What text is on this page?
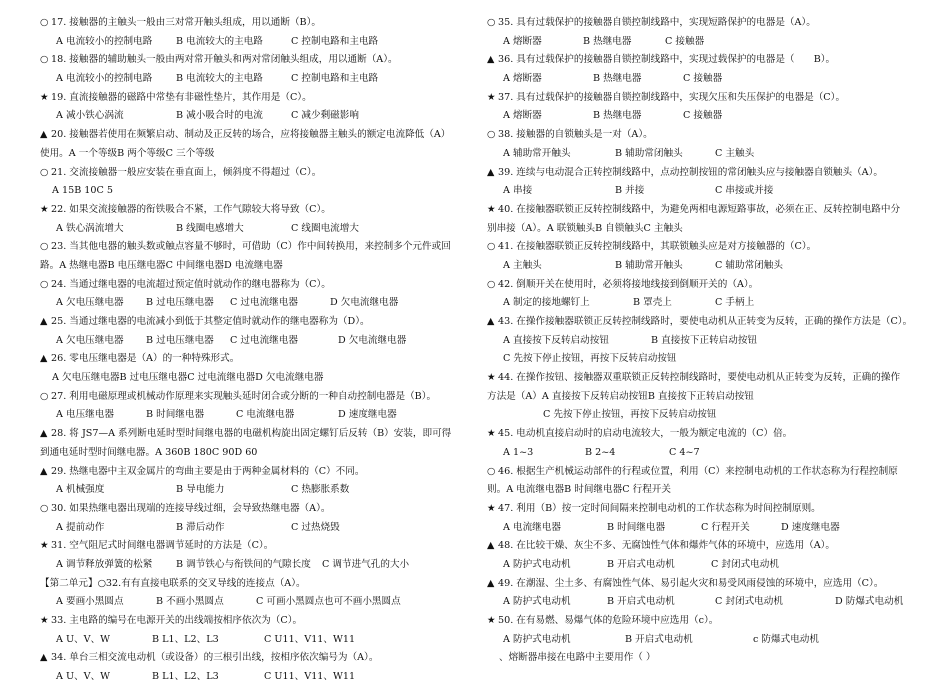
○ 17. 接触器的主触头一般由三对常开触头组成，用以通断（B）。
A 电流较小的控制电路 B 电流较大的主电路	C 控制电路和主电路
○ 18. 接触器的辅助触头一般由两对常开触头和两对常闭触头组成，用以通断（A）。
A 电流较小的控制电路 B 电流较大的主电路	C 控制电路和主电路
★ 19. 直流接触器的磁路中常垫有非磁性垫片，其作用是（C）。
A 减小铁心涡流	B 减小吸合时的电流	C 减少剩磁影响
▲ 20. 接触器若使用在频繁启动、制动及正反转的场合，应将接触器主触头的额定电流降低（A）
使用。A 一个等级B 两个等级C 三个等级
○ 21. 交流接触器一般应安装在垂直面上，倾斜度不得超过（C）。
A 15B 10C 5
★ 22. 如果交流接触器的衔铁吸合不紧，工作气隙较大将导致（C）。
A 铁心涡流增大	B 线圈电感增大	C 线圈电流增大
○ 23. 当其他电器的触头数或触点容量不够时，可借助（C）作中间转换用，来控制多个元件或回
路。A 热继电器B 电压继电器C 中间继电器D 电流继电器
○ 24. 当通过继电器的电流超过预定值时就动作的继电器称为（C）。
A 欠电压继电器 B 过电压继电器 C 过电流继电器	D 欠电流继电器
▲ 25. 当通过继电器的电流减小到低于其整定值时就动作的继电器称为（D）。
A 欠电压继电器 B 过电压继电器 C 过电流继电器	D 欠电流继电器
▲ 26. 零电压继电器是（A）的一种特殊形式。
A 欠电压继电器B 过电压继电器C 过电流继电器D 欠电流继电器
○ 27. 利用电磁原理或机械动作原理来实现触头延时闭合或分断的一种自动控制电器是（B）。
A 电压继电器	B 时间继电器	C 电流继电器	D 速度继电器
▲ 28. 将 JS7—A 系列断电延时型时间继电器的电磁机构旋出固定螺钉后反转（B）安装，即可得
到通电延时型时间继电器。A 360B 180C 90D 60
▲ 29. 热继电器中主双金属片的弯曲主要是由于两种金属材料的（C）不同。
A 机械强度	B 导电能力	C 热膨胀系数
○ 30. 如果热继电器出现端的连接导线过细，会导致热继电器（A）。
A 提前动作	B 滞后动作	C 过热烧毁
★ 31. 空气阻尼式时间继电器调节延时的方法是（C）。
A 调节释放弹簧的松紧 B 调节铁心与衔铁间的气隙长度 C 调节进气孔的大小
【第二单元】○32.有有直接电联系的交叉导线的连接点（A）。
A 要画小黑圆点	B 不画小黑圆点	C 可画小黑圆点也可不画小黑圆点
★ 33. 主电路的编号在电源开关的出线端按相序依次为（C）。
A U、V、W	B L1、L2、L3	C U11、V11、W11
▲ 34. 单台三相交流电动机（或设备）的三根引出线，按相序依次编号为（A）。
A U、V、W	B L1、L2、L3	C U11、V11、W11
○ 35. 具有过载保护的接触器自锁控制线路中，实现短路保护的电器是（A）。
A 熔断器	B 热继电器	C 接触器
▲ 36. 具有过载保护的接触器自锁控制线路中，实现过载保护的电器是（　　B）。
A 熔断器	B 热继电器	C 接触器
★ 37. 具有过载保护的接触器自锁控制线路中，实现欠压和失压保护的电器是（C）。
A 熔断器	B 热继电器	C 接触器
○ 38. 接触器的自锁触头是一对（A）。
A 辅助常开触头	B 辅助常闭触头	C 主触头
▲ 39. 连续与电动混合正转控制线路中，点动控制按钮的常闭触头应与接触器自锁触头（A）。
A 串接	B 并接	C 串接或并接
★ 40. 在接触器联锁正反转控制线路中，为避免两相电源短路事故，必须在正、反转控制电路中分
别串接（A）。A 联锁触头B 自锁触头C 主触头
○ 41. 在接触器联锁正反转控制线路中，其联锁触头应是对方接触器的（C）。
A 主触头	B 辅助常开触头	C 辅助常闭触头
○ 42. 倒顺开关在使用时，必须将接地线接到倒顺开关的（A）。
A 制定的接地螺钉上	B 罩壳上	C 手柄上
▲ 43. 在操作接触器联锁正反转控制线路时，要使电动机从正转变为反转，正确的操作方法是（C）。
A 直接按下反转启动按钮	B 直接按下正转启动按钮
C 先按下停止按钮，再按下反转启动按钮
★ 44. 在操作按钮、接触器双重联锁正反转控制线路时，要使电动机从正转变为反转，正确的操作
方法是（A）A 直接按下反转启动按钮B 直接按下正转启动按钮
C 先按下停止按钮，再按下反转启动按钮
★ 45. 电动机直接启动时的启动电流较大，一般为额定电流的（C）倍。
A 1~3	B 2~4	C 4~7
○ 46. 根据生产机械运动部件的行程或位置，利用（C）来控制电动机的工作状态称为行程控制原
则。A 电流继电器B 时间继电器C 行程开关
★ 47. 利用（B）按一定时间间隔来控制电动机的工作状态称为时间控制原则。
A 电流继电器	B 时间继电器	C 行程开关	D 速度继电器
▲ 48. 在比较干燥、灰尘不多、无腐蚀性气体和爆炸气体的环境中，应选用（A）。
A 防护式电动机	B 开启式电动机	C 封闭式电动机
▲ 49. 在潮湿、尘土多、有腐蚀性气体、易引起火灾和易受风雨侵蚀的环境中，应选用（C）。
A 防护式电动机	B 开启式电动机	C 封闭式电动机	D 防爆式电动机
★ 50. 在有易燃、易爆气体的危险环境中应选用（c）。
A 防护式电动机	B 开启式电动机	c 防爆式电动机
、熔断器串接在电路中主要用作（ ）
